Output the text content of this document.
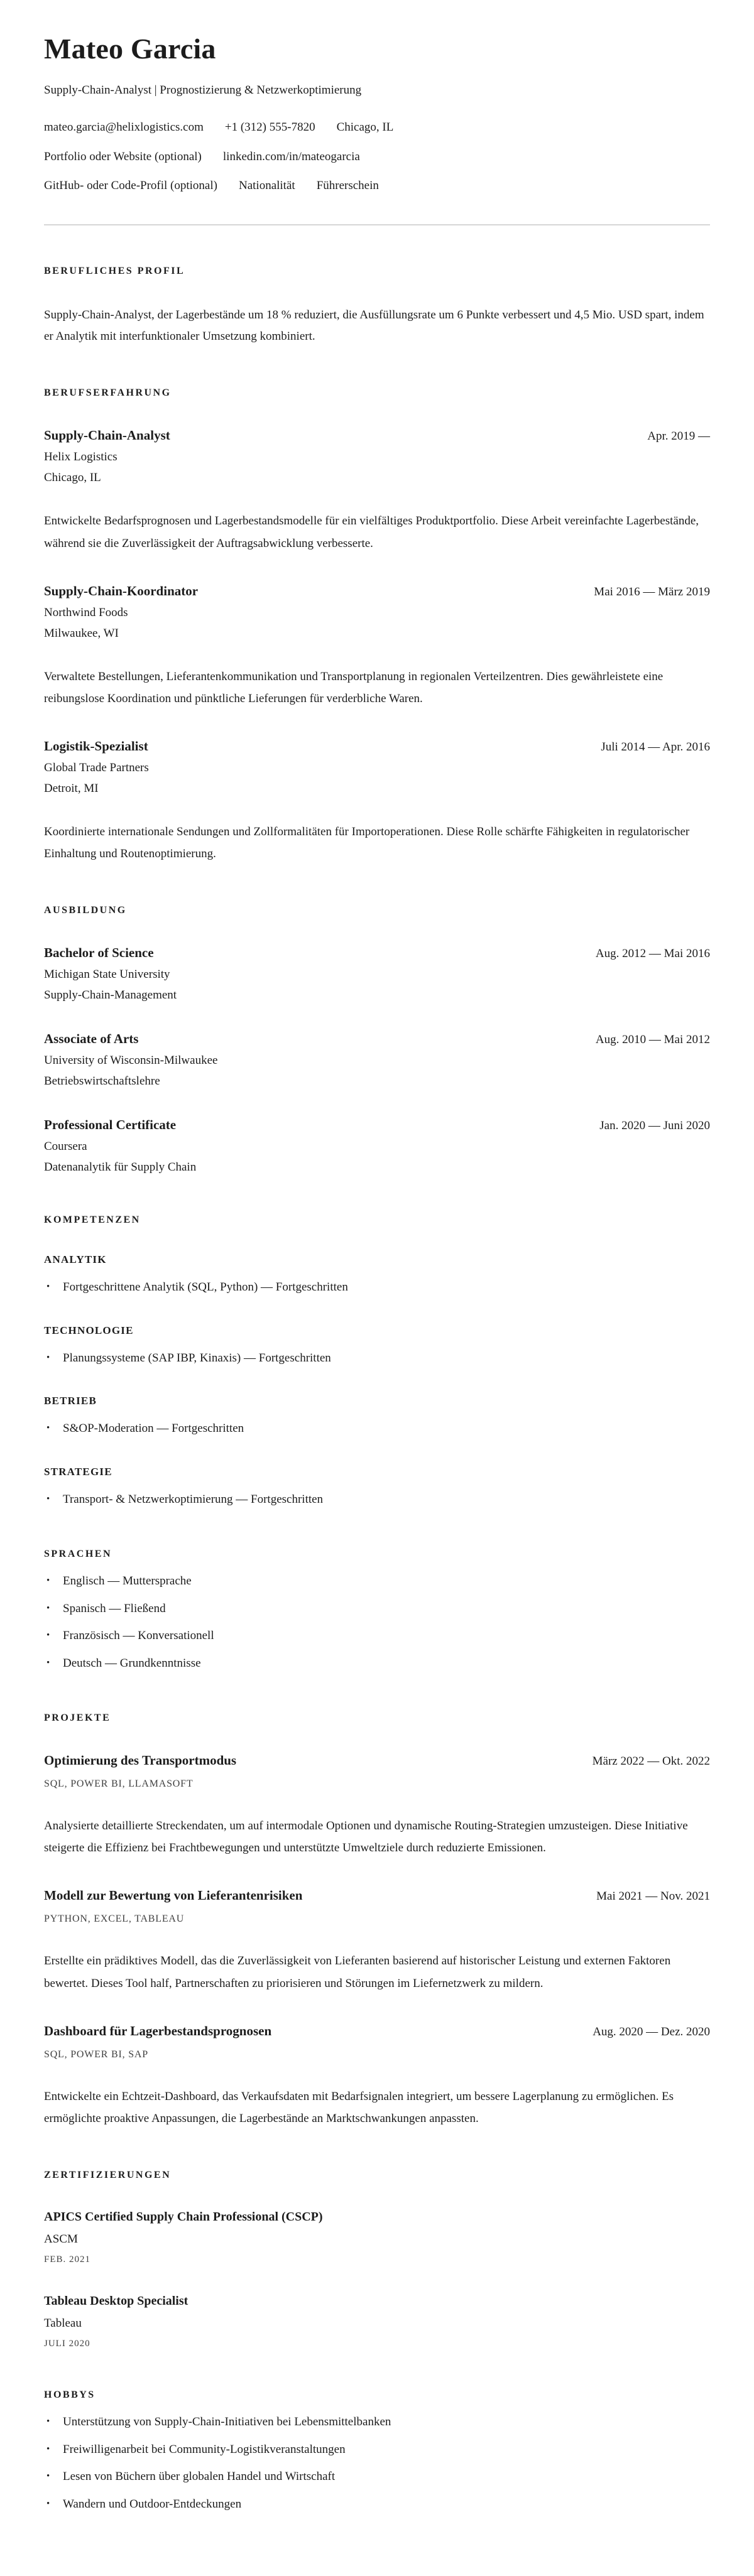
Mateo Garcia

Supply-Chain-Analyst | Prognostizierung & Netzwerkoptimierung

mateo.garcia@helixlogistics.com +1 (312) 555-7820 Chicago, IL
Portfolio oder Website (optional) linkedin.com/in/mateogarcia
GitHub- oder Code-Profil (optional) Nationalität Führerschein
BERUFLICHES PROFIL

Supply-Chain-Analyst, der Lagerbestände um 18 % reduziert, die Ausfüllungsrate um 6 Punkte verbessert und 4,5 Mio. USD spart, indem er Analytik mit interfunktionaler Umsetzung kombiniert.

BERUFSERFAHRUNG
Supply-Chain-Analyst	Apr. 2019 —

Helix Logistics

Chicago, IL

Entwickelte Bedarfsprognosen und Lagerbestandsmodelle für ein vielfältiges Produktportfolio. Diese Arbeit vereinfachte Lagerbestände, während sie die Zuverlässigkeit der Auftragsabwicklung verbesserte.

Supply-Chain-Koordinator	Mai 2016 — März 2019

Northwind Foods

Milwaukee, WI

Verwaltete Bestellungen, Lieferantenkommunikation und Transportplanung in regionalen Verteilzentren. Dies gewährleistete eine reibungslose Koordination und pünktliche Lieferungen für verderbliche Waren.

Logistik-Spezialist	Juli 2014 — Apr. 2016

Global Trade Partners

Detroit, MI

Koordinierte internationale Sendungen und Zollformalitäten für Importoperationen. Diese Rolle schärfte Fähigkeiten in regulatorischer Einhaltung und Routenoptimierung.

AUSBILDUNG
Bachelor of Science	Aug. 2012 — Mai 2016

Michigan State University

Supply-Chain-Management

Associate of Arts	Aug. 2010 — Mai 2012

University of Wisconsin-Milwaukee

Betriebswirtschaftslehre

Professional Certificate	Jan. 2020 — Juni 2020

Coursera

Datenanalytik für Supply Chain

KOMPETENZEN
ANALYTIK
• Fortgeschrittene Analytik (SQL, Python) — Fortgeschritten
TECHNOLOGIE
• Planungssysteme (SAP IBP, Kinaxis) — Fortgeschritten
BETRIEB
• S&OP-Moderation — Fortgeschritten
STRATEGIE
• Transport- & Netzwerkoptimierung — Fortgeschritten
SPRACHEN
• Englisch — Muttersprache
• Spanisch — Fließend
• Französisch — Konversationell
• Deutsch — Grundkenntnisse
PROJEKTE
Optimierung des Transportmodus	März 2022 — Okt. 2022

SQL, POWER BI, LLAMASOFT

Analysierte detaillierte Streckendaten, um auf intermodale Optionen und dynamische Routing-Strategien umzusteigen. Diese Initiative steigerte die Effizienz bei Frachtbewegungen und unterstützte Umweltziele durch reduzierte Emissionen.

Modell zur Bewertung von Lieferantenrisiken	Mai 2021 — Nov. 2021

PYTHON, EXCEL, TABLEAU

Erstellte ein prädiktives Modell, das die Zuverlässigkeit von Lieferanten basierend auf historischer Leistung und externen Faktoren bewertet. Dieses Tool half, Partnerschaften zu priorisieren und Störungen im Liefernetzwerk zu mildern.

Dashboard für Lagerbestandsprognosen	Aug. 2020 — Dez. 2020

SQL, POWER BI, SAP

Entwickelte ein Echtzeit-Dashboard, das Verkaufsdaten mit Bedarfsignalen integriert, um bessere Lagerplanung zu ermöglichen. Es ermöglichte proaktive Anpassungen, die Lagerbestände an Marktschwankungen anpassten.

ZERTIFIZIERUNGEN
APICS Certified Supply Chain Professional (CSCP)

ASCM

FEB. 2021

Tableau Desktop Specialist

Tableau

JULI 2020

HOBBYS
• Unterstützung von Supply-Chain-Initiativen bei Lebensmittelbanken
• Freiwilligenarbeit bei Community-Logistikveranstaltungen
• Lesen von Büchern über globalen Handel und Wirtschaft
• Wandern und Outdoor-Entdeckungen
